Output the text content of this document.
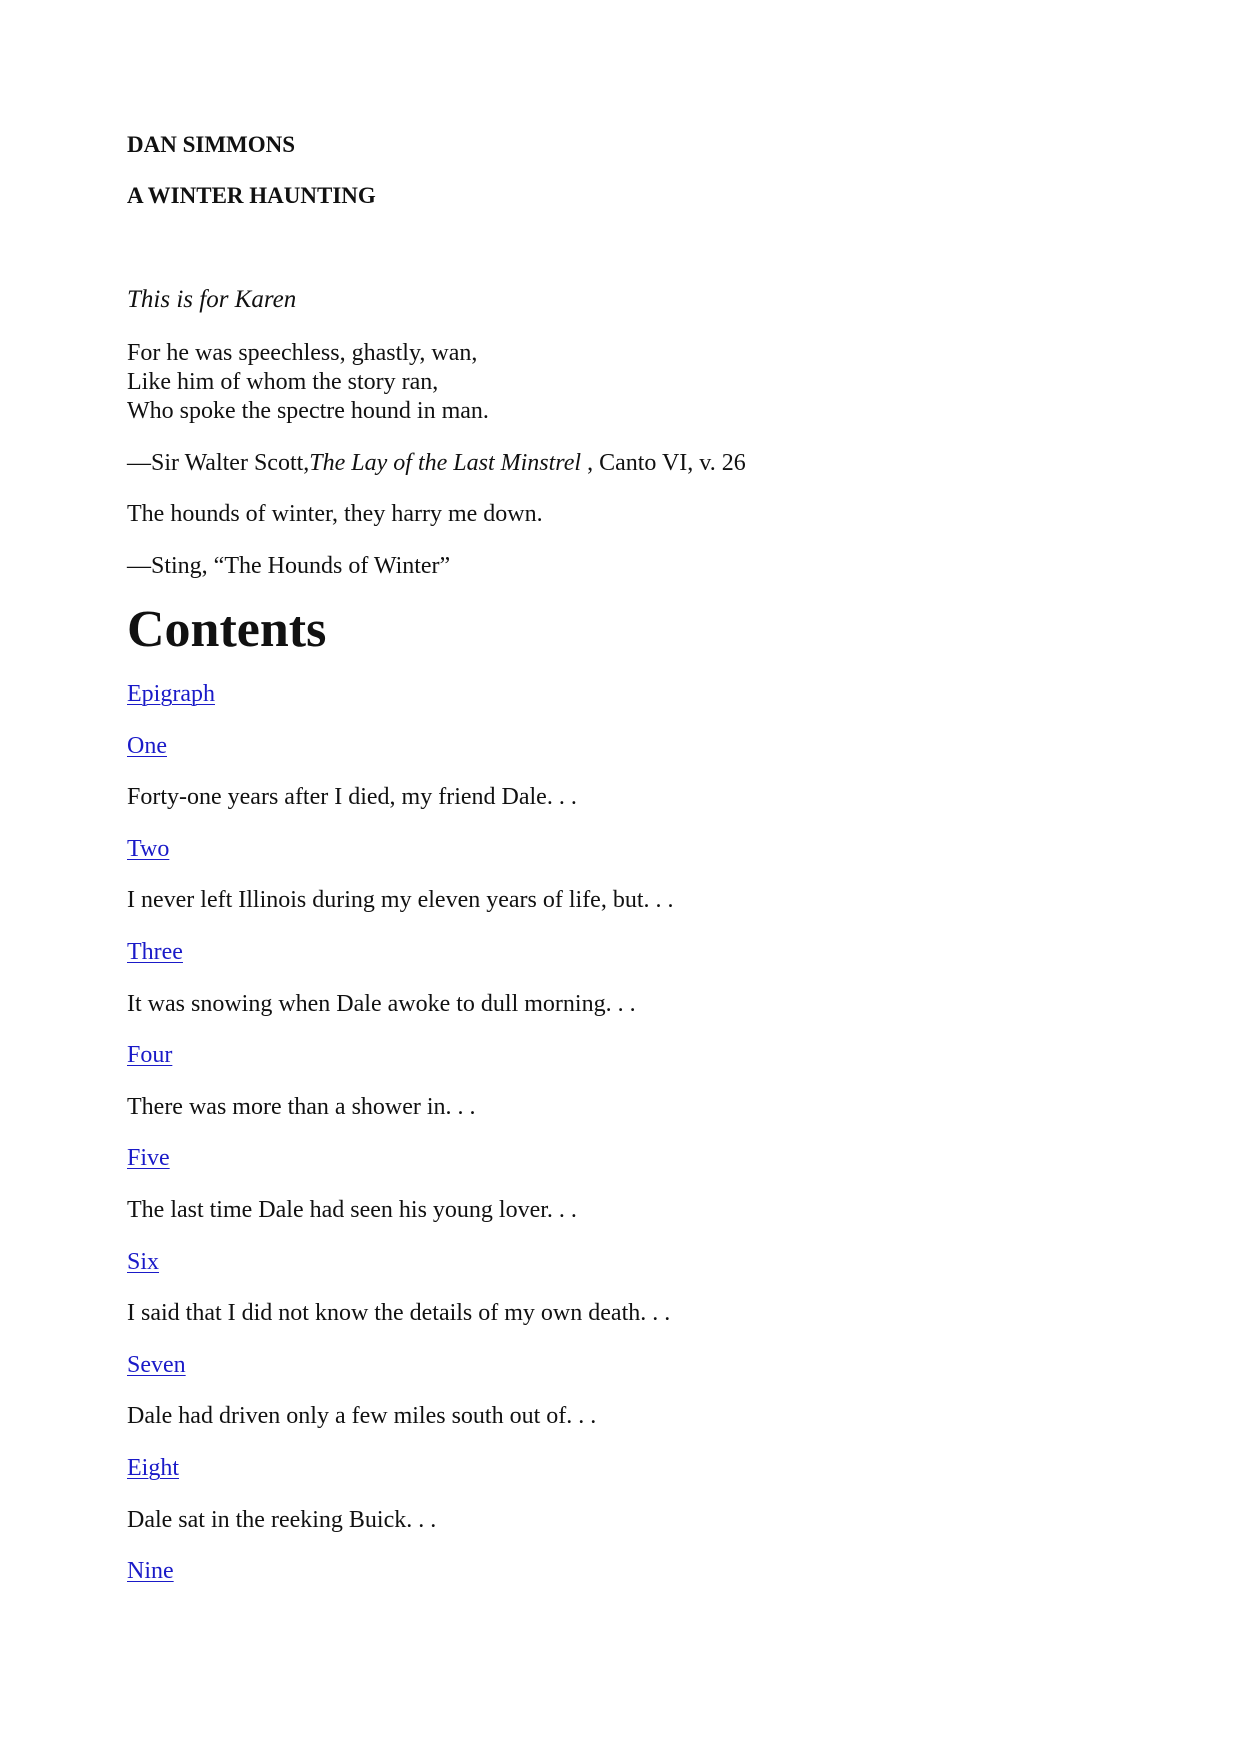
DAN SIMMONS
A WINTER HAUNTING
This is for Karen
For he was speechless, ghastly, wan,
Like him of whom the story ran,
Who spoke the spectre hound in man.
—Sir Walter Scott,The Lay of the Last Minstrel , Canto VI, v. 26
The hounds of winter, they harry me down.
—Sting, “The Hounds of Winter”
Contents
Epigraph
One
Forty-one years after I died, my friend Dale. . .
Two
I never left Illinois during my eleven years of life, but. . .
Three
It was snowing when Dale awoke to dull morning. . .
Four
There was more than a shower in. . .
Five
The last time Dale had seen his young lover. . .
Six
I said that I did not know the details of my own death. . .
Seven
Dale had driven only a few miles south out of. . .
Eight
Dale sat in the reeking Buick. . .
Nine
